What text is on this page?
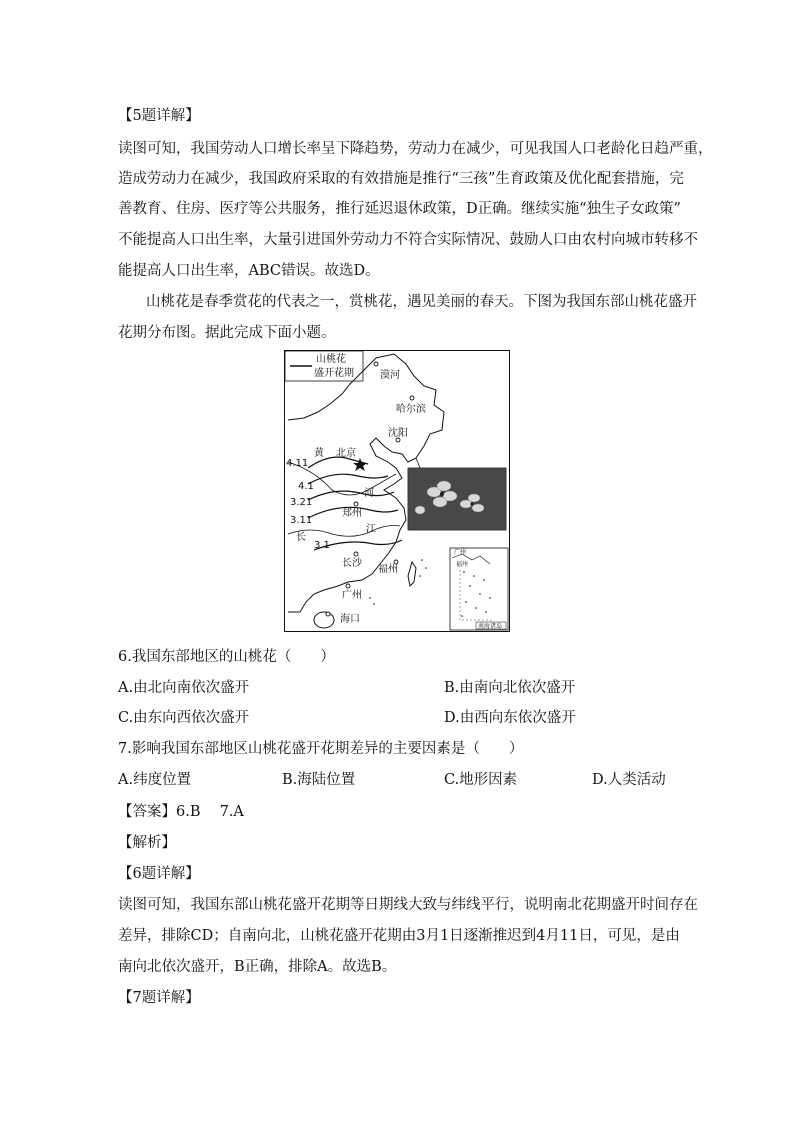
【5题详解】
读图可知，我国劳动人口增长率呈下降趋势，劳动力在减少，可见我国人口老龄化日趋严重，
造成劳动力在减少，我国政府采取的有效措施是推行“三孩”生育政策及优化配套措施，完
善教育、住房、医疗等公共服务，推行延迟退休政策，D正确。继续实施“独生子女政策”
不能提高人口出生率，大量引进国外劳动力不符合实际情况、鼓励人口由农村向城市转移不
能提高人口出生率，ABC错误。故选D。
山桃花是春季赏花的代表之一，赏桃花，遇见美丽的春天。下图为我国东部山桃花盛开
花期分布图。据此完成下面小题。
山桃花
盛开花期
4.11
4.1
3.21
3.11
3.1
黄
河
长
江
漠河
哈尔滨
沈阳
北京
郑州
长沙
福州
广州
海口
广州
福州
南海诸岛
6.我国东部地区的山桃花（　　）
A.由北向南依次盛开	B.由南向北依次盛开
C.由东向西依次盛开	D.由西向东依次盛开
7.影响我国东部地区山桃花盛开花期差异的主要因素是（　　）
A.纬度位置	B.海陆位置	C.地形因素	D.人类活动
【答案】6.B　 7.A
【解析】
【6题详解】
读图可知，我国东部山桃花盛开花期等日期线大致与纬线平行，说明南北花期盛开时间存在
差异，排除CD；自南向北，山桃花盛开花期由3月1日逐渐推迟到4月11日，可见，是由
南向北依次盛开，B正确，排除A。故选B。
【7题详解】
